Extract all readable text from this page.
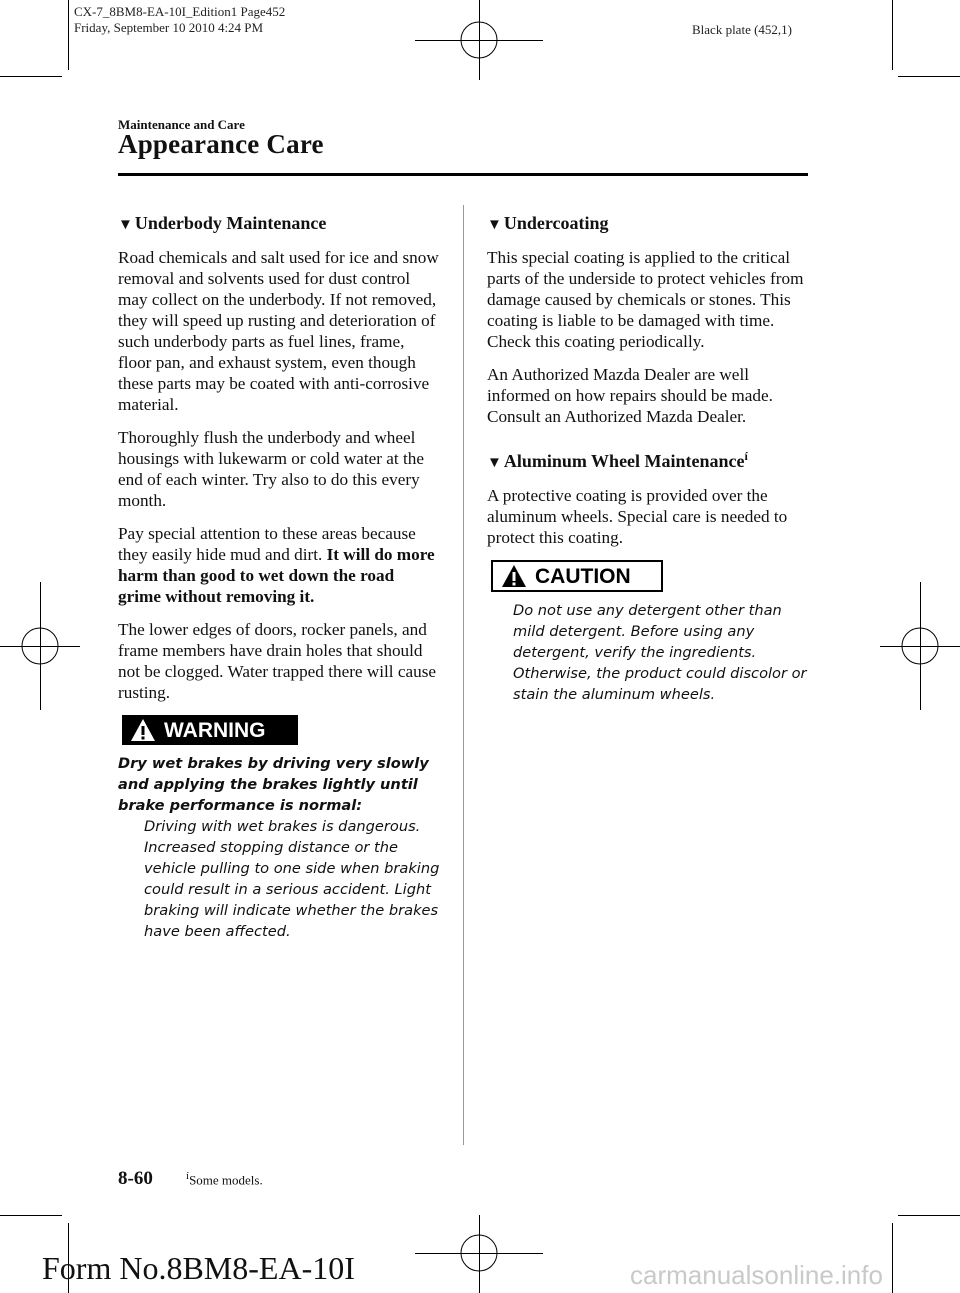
CX-7_8BM8-EA-10I_Edition1 Page452
Friday, September 10 2010 4:24 PM	Black plate (452,1)
Maintenance and Care
Appearance Care
▼ Underbody Maintenance

Road chemicals and salt used for ice and snow removal and solvents used for dust control may collect on the underbody. If not removed, they will speed up rusting and deterioration of such underbody parts as fuel lines, frame, floor pan, and exhaust system, even though these parts may be coated with anti-corrosive material.

Thoroughly flush the underbody and wheel housings with lukewarm or cold water at the end of each winter. Try also to do this every month.

Pay special attention to these areas because they easily hide mud and dirt. It will do more harm than good to wet down the road grime without removing it.

The lower edges of doors, rocker panels, and frame members have drain holes that should not be clogged. Water trapped there will cause rusting.

WARNING
Dry wet brakes by driving very slowly and applying the brakes lightly until brake performance is normal:
Driving with wet brakes is dangerous. Increased stopping distance or the vehicle pulling to one side when braking could result in a serious accident. Light braking will indicate whether the brakes have been affected.
▼ Undercoating

This special coating is applied to the critical parts of the underside to protect vehicles from damage caused by chemicals or stones. This coating is liable to be damaged with time. Check this coating periodically.

An Authorized Mazda Dealer are well informed on how repairs should be made. Consult an Authorized Mazda Dealer.

▼ Aluminum Wheel Maintenance$^í$

A protective coating is provided over the aluminum wheels. Special care is needed to protect this coating.

CAUTION
Do not use any detergent other than mild detergent. Before using any detergent, verify the ingredients. Otherwise, the product could discolor or stain the aluminum wheels.
8-60	$^í$Some models.
Form No.8BM8-EA-10I	carmanualsonline.info
